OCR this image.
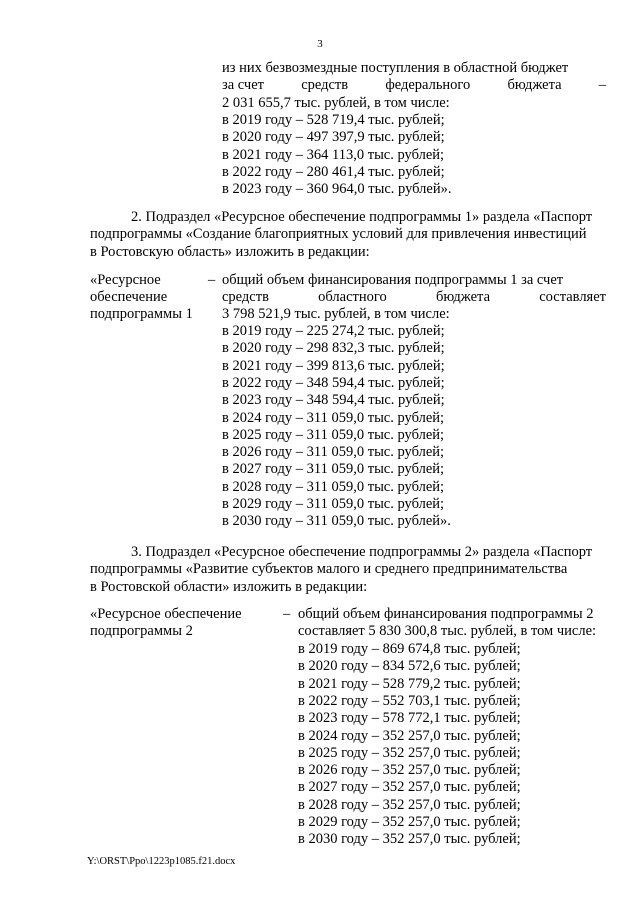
3
из них безвозмездные поступления в областной бюджет
за счет	средств	федерального	бюджета	–
2 031 655,7 тыс. рублей, в том числе:
в 2019 году – 528 719,4 тыс. рублей;
в 2020 году – 497 397,9 тыс. рублей;
в 2021 году – 364 113,0 тыс. рублей;
в 2022 году – 280 461,4 тыс. рублей;
в 2023 году – 360 964,0 тыс. рублей».
2. Подраздел «Ресурсное обеспечение подпрограммы 1» раздела «Паспорт
подпрограммы «Создание благоприятных условий для привлечения инвестиций
в Ростовскую область» изложить в редакции:
«Ресурсное
обеспечение
подпрограммы 1
– общий объем финансирования подпрограммы 1 за счет
средств	областного	бюджета	составляет
3 798 521,9 тыс. рублей, в том числе:
в 2019 году – 225 274,2 тыс. рублей;
в 2020 году – 298 832,3 тыс. рублей;
в 2021 году – 399 813,6 тыс. рублей;
в 2022 году – 348 594,4 тыс. рублей;
в 2023 году – 348 594,4 тыс. рублей;
в 2024 году – 311 059,0 тыс. рублей;
в 2025 году – 311 059,0 тыс. рублей;
в 2026 году – 311 059,0 тыс. рублей;
в 2027 году – 311 059,0 тыс. рублей;
в 2028 году – 311 059,0 тыс. рублей;
в 2029 году – 311 059,0 тыс. рублей;
в 2030 году – 311 059,0 тыс. рублей».
3. Подраздел «Ресурсное обеспечение подпрограммы 2» раздела «Паспорт
подпрограммы «Развитие субъектов малого и среднего предпринимательства
в Ростовской области» изложить в редакции:
«Ресурсное обеспечение
подпрограммы 2
– общий объем финансирования подпрограммы 2
составляет 5 830 300,8 тыс. рублей, в том числе:
в 2019 году – 869 674,8 тыс. рублей;
в 2020 году – 834 572,6 тыс. рублей;
в 2021 году – 528 779,2 тыс. рублей;
в 2022 году – 552 703,1 тыс. рублей;
в 2023 году – 578 772,1 тыс. рублей;
в 2024 году – 352 257,0 тыс. рублей;
в 2025 году – 352 257,0 тыс. рублей;
в 2026 году – 352 257,0 тыс. рублей;
в 2027 году – 352 257,0 тыс. рублей;
в 2028 году – 352 257,0 тыс. рублей;
в 2029 году – 352 257,0 тыс. рублей;
в 2030 году – 352 257,0 тыс. рублей;
Y:\ORST\Ppo\1223p1085.f21.docx
